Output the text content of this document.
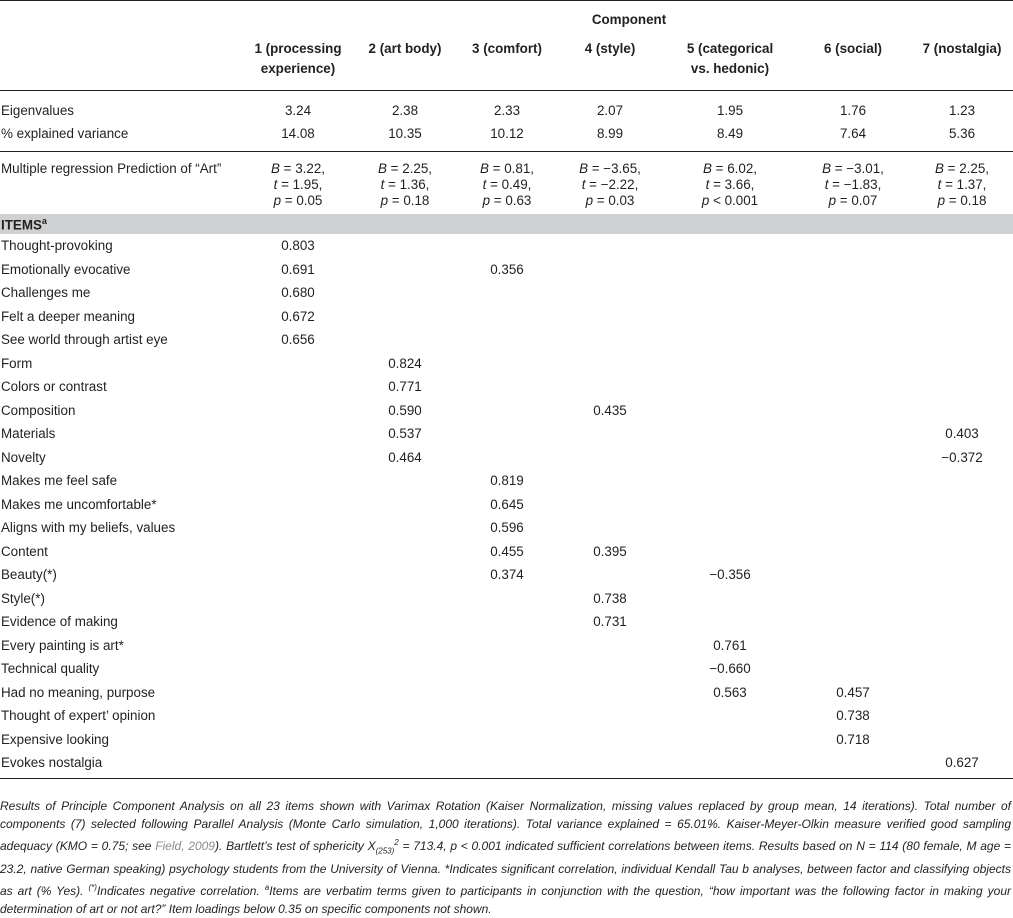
	Component						
	1 (processing
experience)	2 (art body)	3 (comfort)	4 (style)	5 (categorical
vs. hedonic)	6 (social)	7 (nostalgia)

Eigenvalues	3.24	2.38	2.33	2.07	1.95	1.76	1.23
% explained variance	14.08	10.35	10.12	8.99	8.49	7.64	5.36
Multiple regression Prediction of “Art”	B = 3.22,
t = 1.95,
p = 0.05	B = 2.25,
t = 1.36,
p = 0.18	B = 0.81,
t = 0.49,
p = 0.63	B = −3.65,
t = −2.22,
p = 0.03	B = 6.02,
t = 3.66,
p < 0.001	B = −3.01,
t = −1.83,
p = 0.07	B = 2.25,
t = 1.37,
p = 0.18
ITEMS$^a$	
Thought-provoking	0.803						
Emotionally evocative	0.691		0.356				
Challenges me	0.680						
Felt a deeper meaning	0.672						
See world through artist eye	0.656						
Form		0.824					
Colors or contrast		0.771					
Composition		0.590		0.435			
Materials		0.537					0.403
Novelty		0.464					−0.372
Makes me feel safe			0.819				
Makes me uncomfortable*			0.645				
Aligns with my beliefs, values			0.596				
Content			0.455	0.395			
Beauty(*)			0.374		−0.356		
Style(*)				0.738			
Evidence of making				0.731			
Every painting is art*					0.761		
Technical quality					−0.660		
Had no meaning, purpose					0.563	0.457	
Thought of expert’ opinion						0.738	
Expensive looking						0.718	
Evokes nostalgia							0.627
Results of Principle Component Analysis on all 23 items shown with Varimax Rotation (Kaiser Normalization, missing values replaced by group mean, 14 iterations). Total number of components (7) selected following Parallel Analysis (Monte Carlo simulation, 1,000 iterations). Total variance explained = 65.01%. Kaiser-Meyer-Olkin measure verified good sampling adequacy (KMO = 0.75; see Field, 2009). Bartlett’s test of sphericity $X_{(253)}^2 = 713.4$, p < 0.001 indicated sufficient correlations between items. Results based on N = 114 (80 female, M age = 23.2, native German speaking) psychology students from the University of Vienna. *Indicates significant correlation, individual Kendall Tau b analyses, between factor and classifying objects as art (% Yes). (*)Indicates negative correlation. $^a$Items are verbatim terms given to participants in conjunction with the question, “how important was the following factor in making your determination of art or not art?” Item loadings below 0.35 on specific components not shown.
